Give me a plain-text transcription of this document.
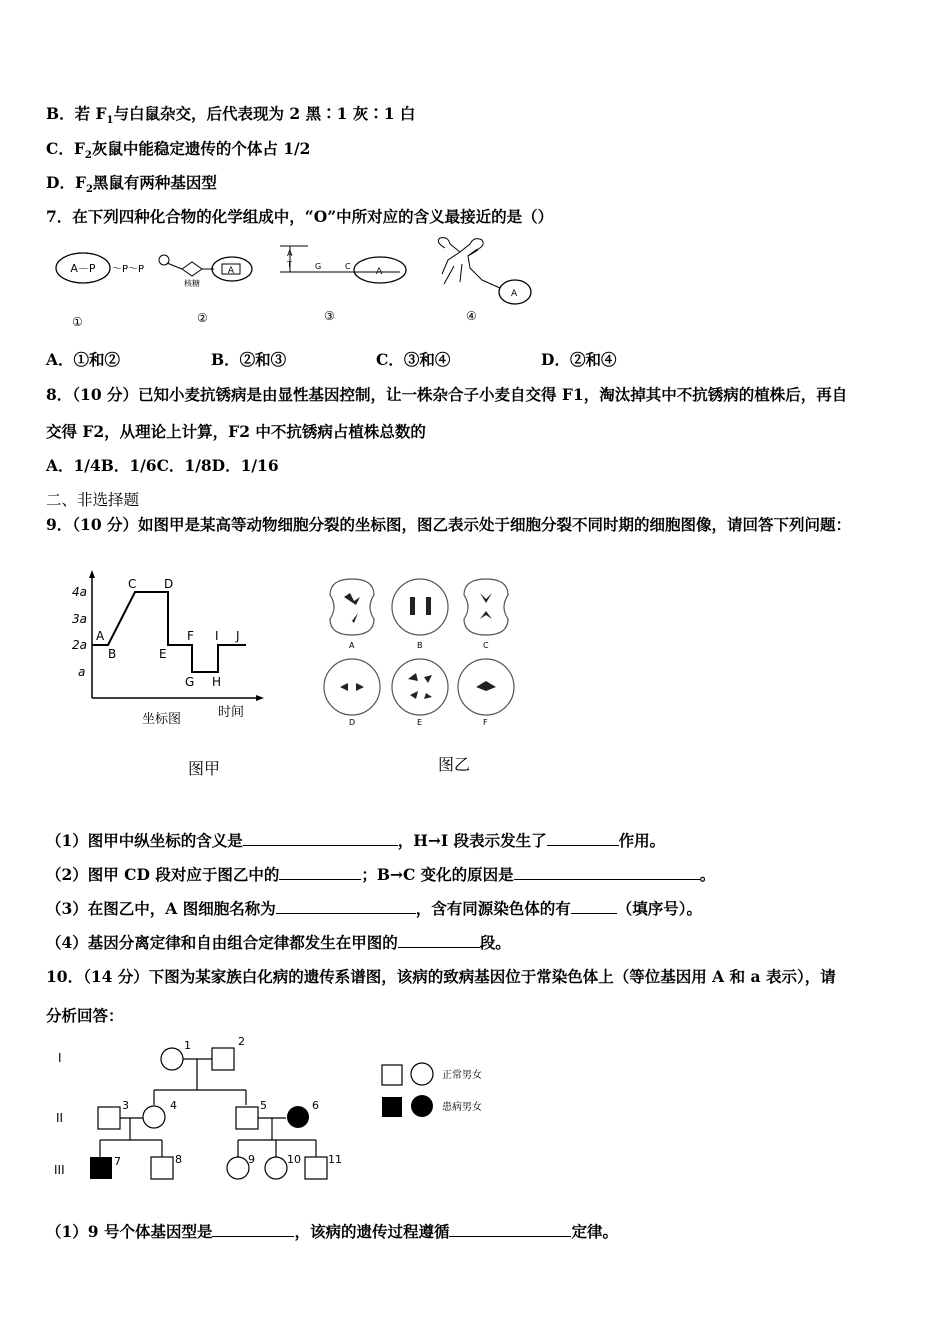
B．若 $F_1$与白鼠杂交，后代表现为 2 黑∶1 灰∶1 白
C．$F_2$灰鼠中能稳定遗传的个体占 1/2
D．$F_2$黑鼠有两种基因型
7．在下列四种化合物的化学组成中，“O”中所对应的含义最接近的是（）
A－P ～P～P	A
核糖
A
T	G	C
A
A
①	②	③	④
A．①和②	B．②和③	C．③和④	D．②和④
8．（10 分）已知小麦抗锈病是由显性基因控制，让一株杂合子小麦自交得 F1，淘汰掉其中不抗锈病的植株后，再自
交得 F2，从理论上计算，F2 中不抗锈病占植株总数的
A．1/4B．1/6C．1/8D．1/16
二、非选择题
9．（10 分）如图甲是某高等动物细胞分裂的坐标图，图乙表示处于细胞分裂不同时期的细胞图像，请回答下列问题：
4a
3a
2a
a
A
B
C D
E
F
G H
I J
时间
坐标图
图甲
A	B	C
D	E	F
图乙
（1）图甲中纵坐标的含义是	，H→I 段表示发生了	作用。
（2）图甲 CD 段对应于图乙中的	；B→C 变化的原因是	。
（3）在图乙中，A 图细胞名称为	，含有同源染色体的有	（填序号）。
（4）基因分离定律和自由组合定律都发生在甲图的	段。
10．（14 分）下图为某家族白化病的遗传系谱图，该病的致病基因位于常染色体上（等位基因用 A 和 a 表示），请
分析回答：
I
II
III
1	2
3	4	5	6
7	8	9	10 11
正常男女
患病男女
（1）9 号个体基因型是	，该病的遗传过程遵循	定律。
